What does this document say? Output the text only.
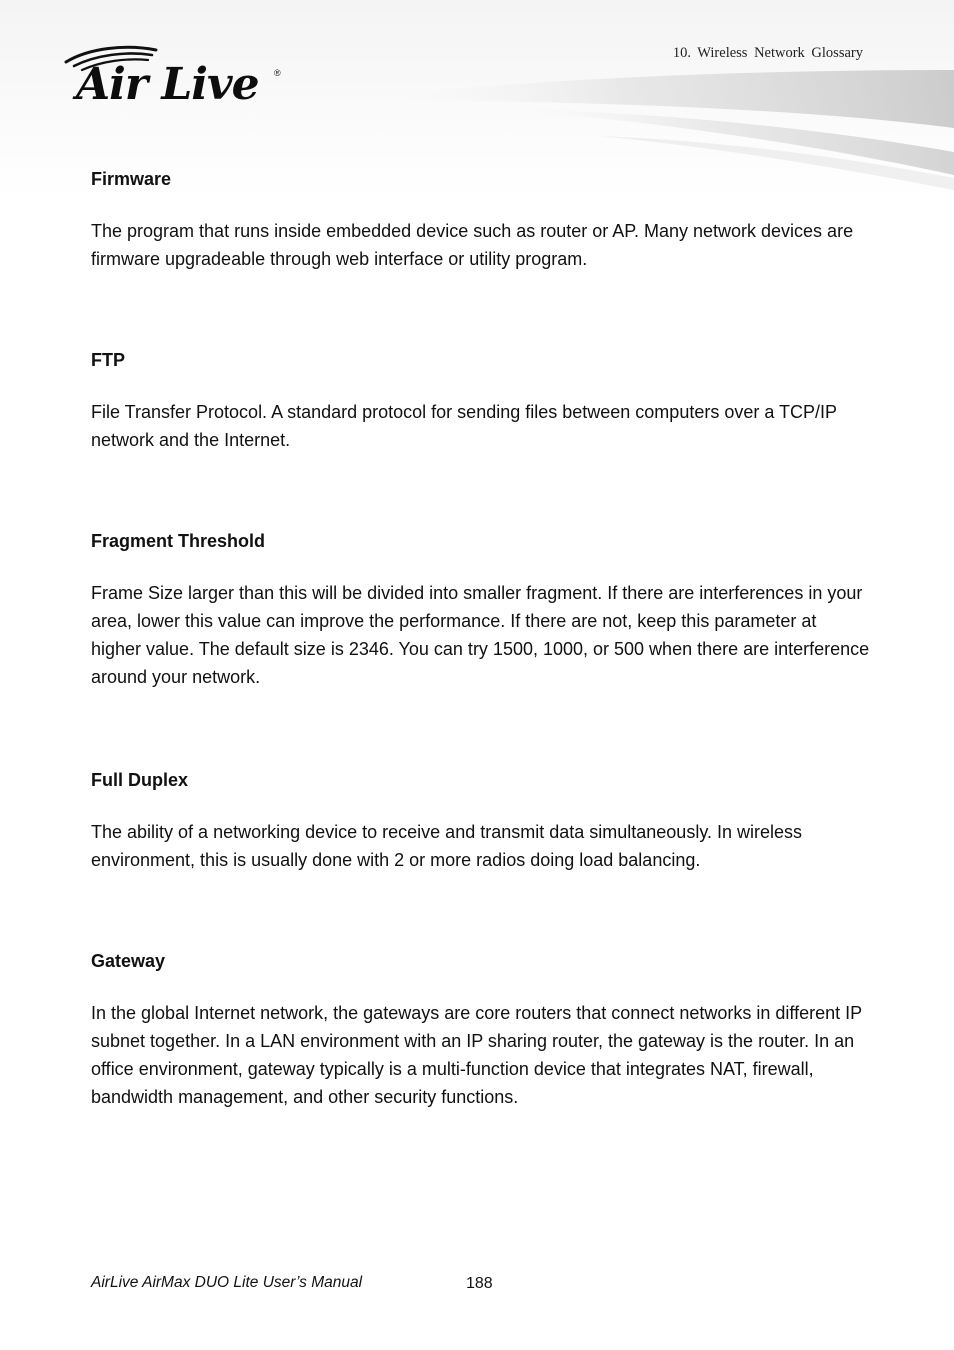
Air Live ®
10. Wireless Network Glossary
Firmware

The program that runs inside embedded device such as router or AP. Many network devices are firmware upgradeable through web interface or utility program.

FTP

File Transfer Protocol. A standard protocol for sending files between computers over a TCP/IP network and the Internet.

Fragment Threshold

Frame Size larger than this will be divided into smaller fragment. If there are interferences in your area, lower this value can improve the performance. If there are not, keep this parameter at higher value. The default size is 2346. You can try 1500, 1000, or 500 when there are interference around your network.

Full Duplex

The ability of a networking device to receive and transmit data simultaneously. In wireless environment, this is usually done with 2 or more radios doing load balancing.

Gateway

In the global Internet network, the gateways are core routers that connect networks in different IP subnet together. In a LAN environment with an IP sharing router, the gateway is the router. In an office environment, gateway typically is a multi-function device that integrates NAT, firewall, bandwidth management, and other security functions.

AirLive AirMax DUO Lite User’s Manual	188
